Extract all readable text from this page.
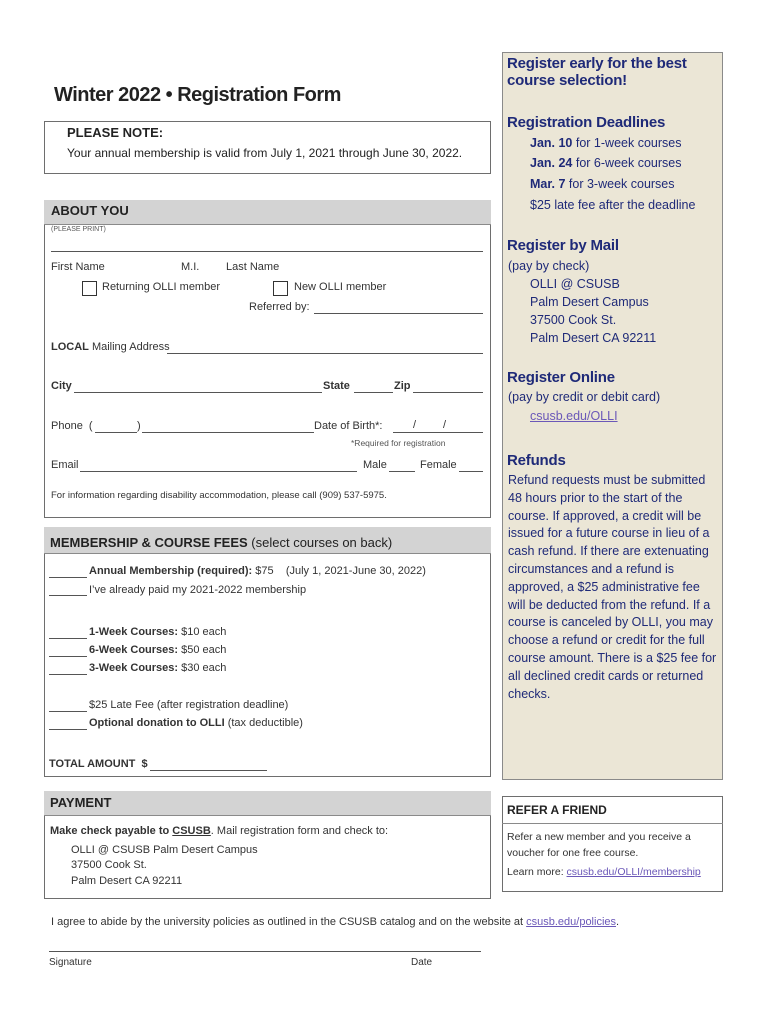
Winter 2022 • Registration Form
PLEASE NOTE:
Your annual membership is valid from July 1, 2021 through June 30, 2022.
ABOUT YOU
(PLEASE PRINT)
First Name	M.I. Last Name
Returning OLLI member	New OLLI member
Referred by:
LOCAL Mailing Address
City	State	Zip
Phone  (	)	Date of Birth*:	/ /
*Required for registration
Email	Male	Female
For information regarding disability accommodation, please call (909) 537-5975.
MEMBERSHIP & COURSE FEES (select courses on back)
Annual Membership (required): $75    (July 1, 2021-June 30, 2022)
I’ve already paid my 2021-2022 membership
1-Week Courses: $10 each
6-Week Courses: $50 each
3-Week Courses: $30 each
$25 Late Fee (after registration deadline)
Optional donation to OLLI (tax deductible)
TOTAL AMOUNT  $
PAYMENT
Make check payable to CSUSB. Mail registration form and check to:
OLLI @ CSUSB Palm Desert Campus
37500 Cook St.
Palm Desert CA 92211
I agree to abide by the university policies as outlined in the CSUSB catalog and on the website at csusb.edu/policies.
Signature	Date
Register early for the best course selection!
Registration Deadlines
Jan. 10 for 1-week courses
Jan. 24 for 6-week courses
Mar. 7 for 3-week courses
$25 late fee after the deadline
Register by Mail
(pay by check)
OLLI @ CSUSB
Palm Desert Campus
37500 Cook St.
Palm Desert CA 92211
Register Online
(pay by credit or debit card)
csusb.edu/OLLI
Refunds
Refund requests must be submitted 48 hours prior to the start of the course. If approved, a credit will be issued for a future course in lieu of a cash refund. If there are extenuating circumstances and a refund is approved, a $25 administrative fee will be deducted from the refund. If a course is canceled by OLLI, you may choose a refund or credit for the full course amount. There is a $25 fee for all declined credit cards or returned checks.
REFER A FRIEND
Refer a new member and you receive a
voucher for one free course.
Learn more: csusb.edu/OLLI/membership
